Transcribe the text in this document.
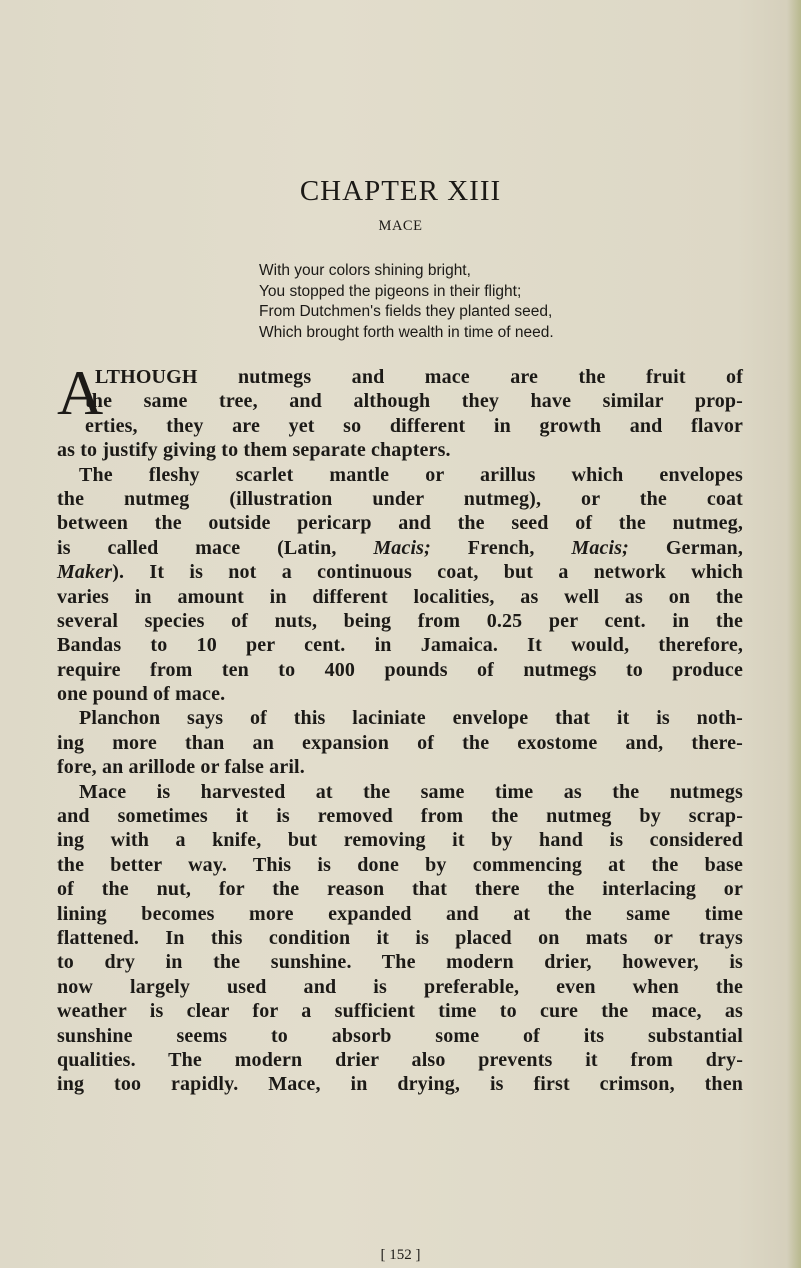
CHAPTER XIII
MACE
With your colors shining bright,
You stopped the pigeons in their flight;
From Dutchmen's fields they planted seed,
Which brought forth wealth in time of need.
A
LTHOUGH nutmegs and mace are the fruit of
the same tree, and although they have similar prop-
erties, they are yet so different in growth and flavor
as to justify giving to them separate chapters.
The fleshy scarlet mantle or arillus which envelopes
the nutmeg (illustration under nutmeg), or the coat
between the outside pericarp and the seed of the nutmeg,
is called mace (Latin, Macis; French, Macis; German,
Maker). It is not a continuous coat, but a network which
varies in amount in different localities, as well as on the
several species of nuts, being from 0.25 per cent. in the
Bandas to 10 per cent. in Jamaica. It would, therefore,
require from ten to 400 pounds of nutmegs to produce
one pound of mace.
Planchon says of this laciniate envelope that it is noth-
ing more than an expansion of the exostome and, there-
fore, an arillode or false aril.
Mace is harvested at the same time as the nutmegs
and sometimes it is removed from the nutmeg by scrap-
ing with a knife, but removing it by hand is considered
the better way. This is done by commencing at the base
of the nut, for the reason that there the interlacing or
lining becomes more expanded and at the same time
flattened. In this condition it is placed on mats or trays
to dry in the sunshine. The modern drier, however, is
now largely used and is preferable, even when the
weather is clear for a sufficient time to cure the mace, as
sunshine seems to absorb some of its substantial
qualities. The modern drier also prevents it from dry-
ing too rapidly. Mace, in drying, is first crimson, then
[ 152 ]
